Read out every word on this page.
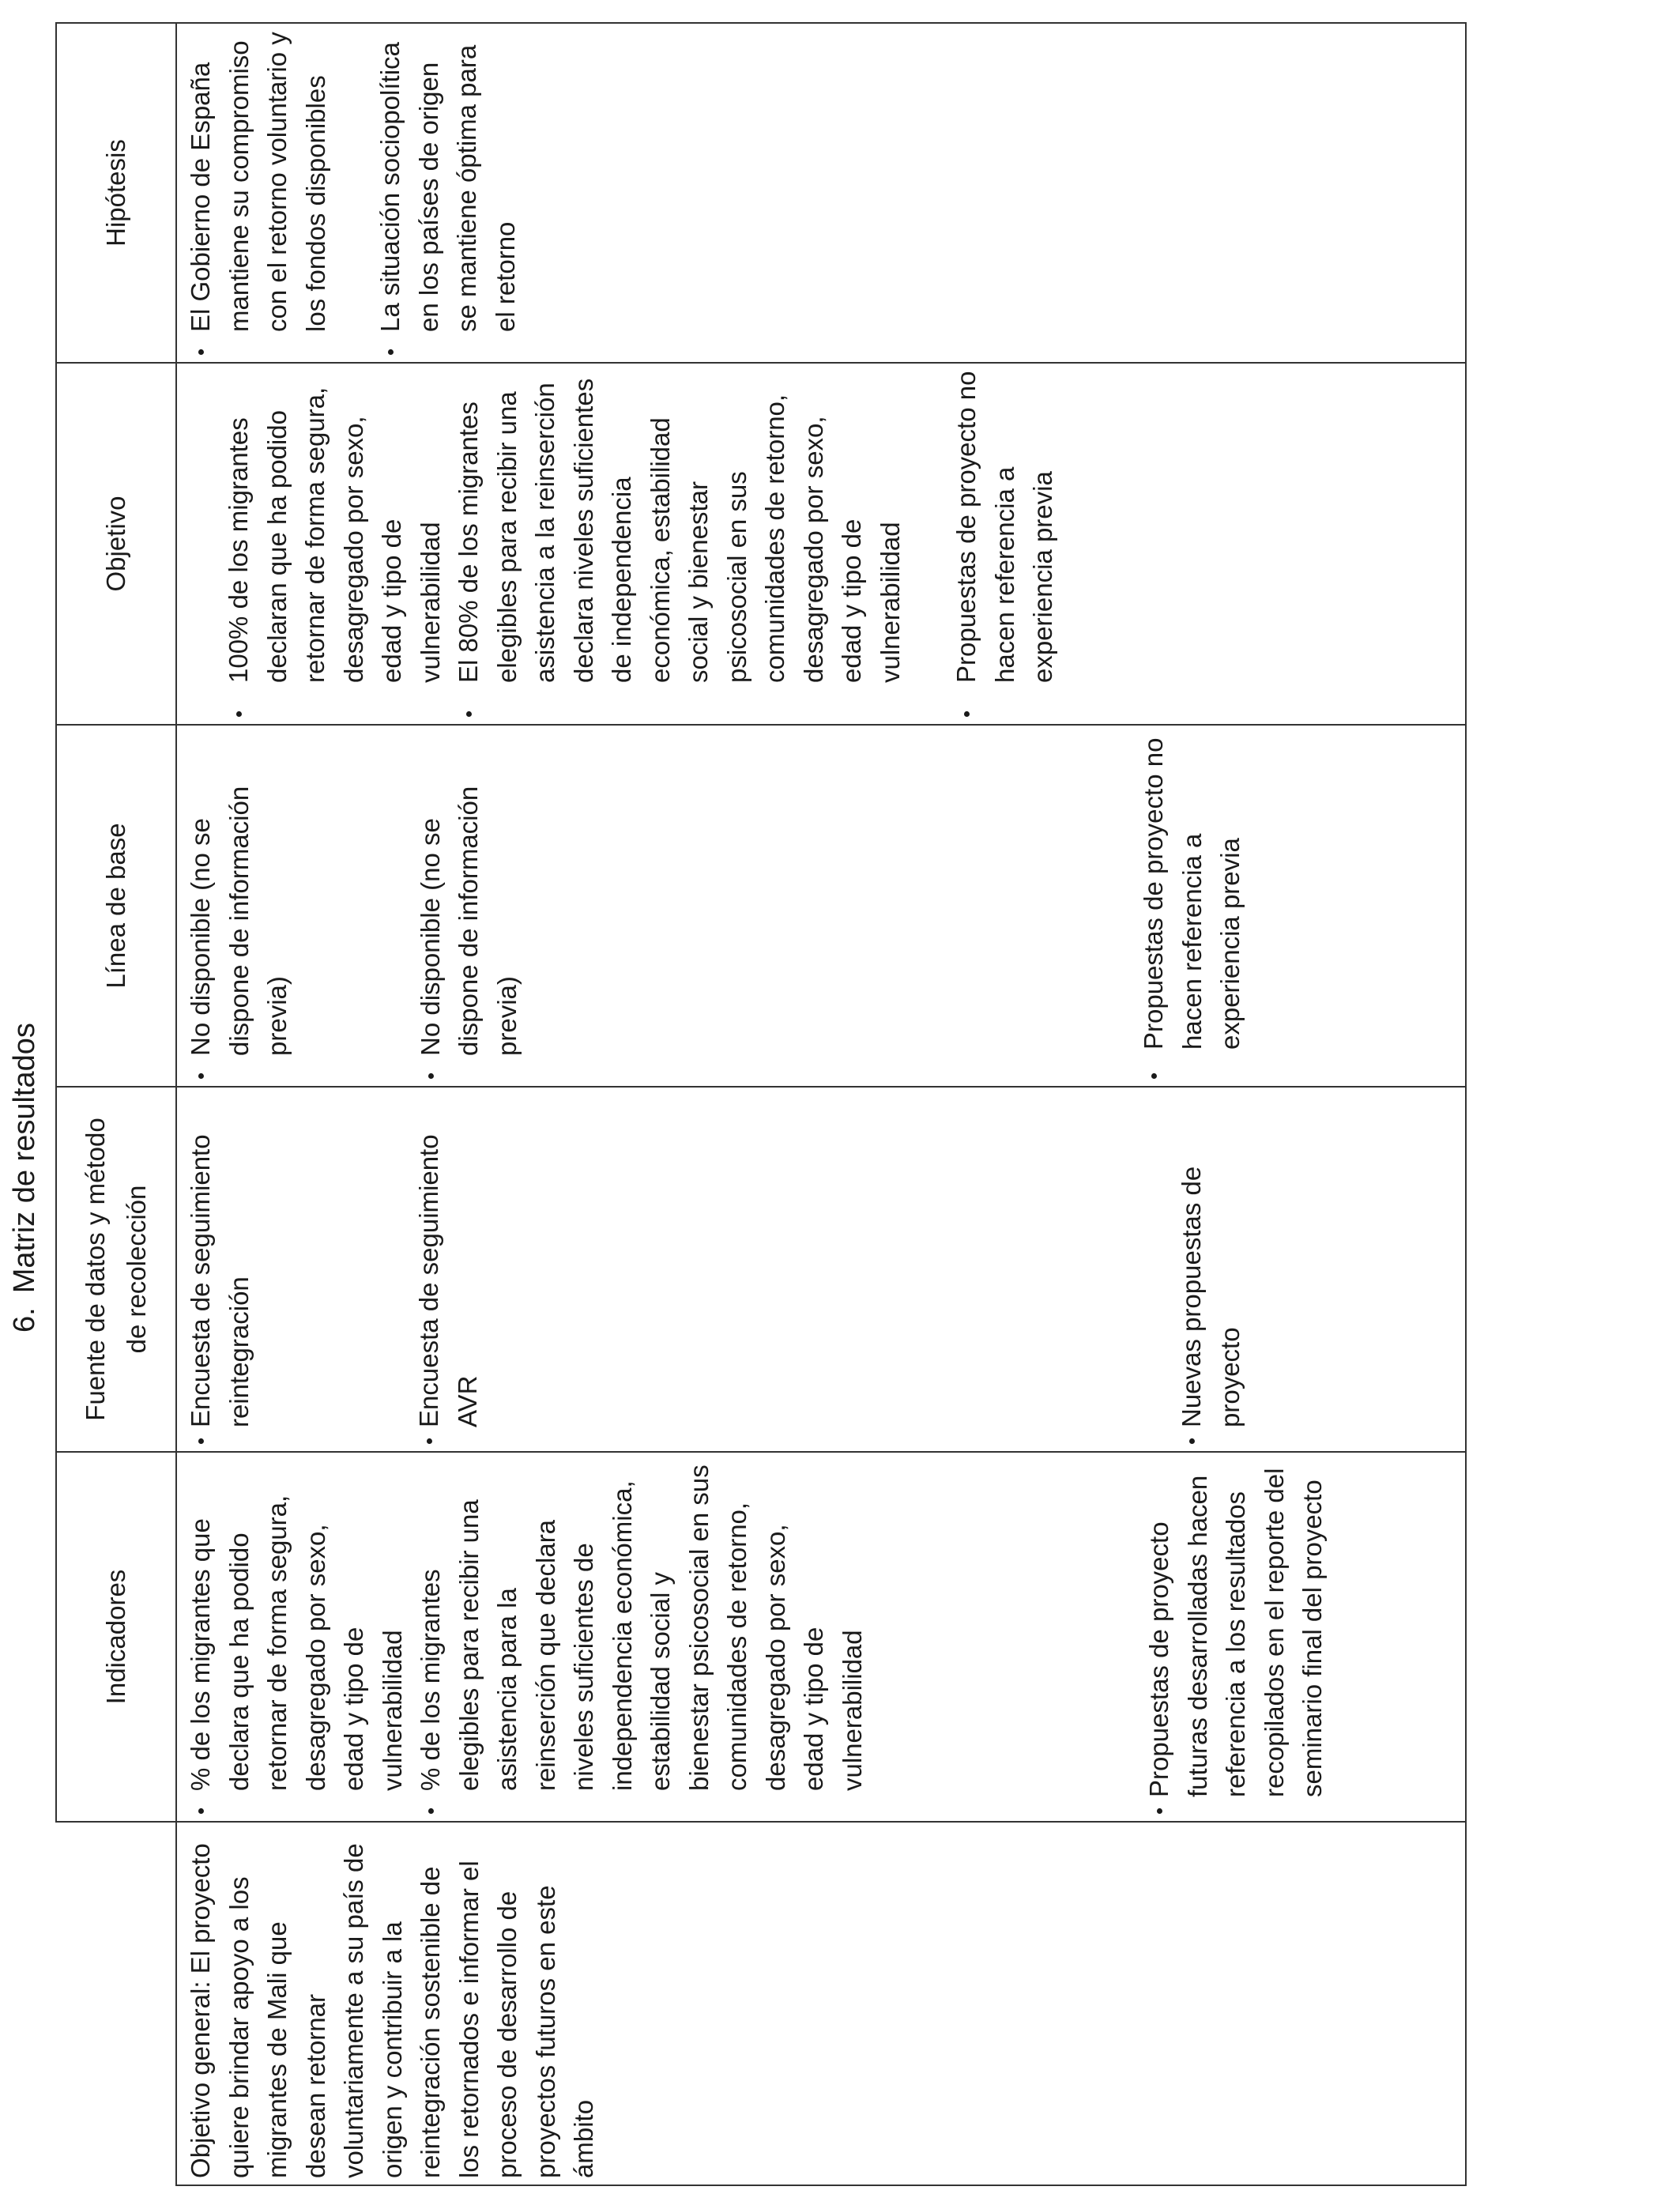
6.Matriz de resultados
Indicadores
Fuente de datos y método de recolección
Línea de base
Objetivo
Hipótesis

Objetivo general: El proyecto quiere brindar apoyo a los migrantes de Mali que desean retornar voluntariamente a su país de origen y contribuir a la reintegración sostenible de los retornados e informar el proceso de desarrollo de proyectos futuros en este ámbito

•
% de los migrantes que declara que ha podido retornar de forma segura, desagregado por sexo, edad y tipo de vulnerabilidad
•
% de los migrantes elegibles para recibir una asistencia para la reinserción que declara niveles suficientes de independencia económica, estabilidad social y bienestar psicosocial en sus comunidades de retorno, desagregado por sexo, edad y tipo de vulnerabilidad
•
Propuestas de proyecto futuras desarrolladas hacen referencia a los resultados recopilados en el reporte del seminario final del proyecto
•
Encuesta de seguimiento reintegración
•
Encuesta de seguimiento AVR
•
Nuevas propuestas de proyecto
•
No disponible (no se dispone de información previa)
•
No disponible (no se dispone de información previa)
•
Propuestas de proyecto no hacen referencia a experiencia previa
•
100% de los migrantes declaran que ha podido retornar de forma segura, desagregado por sexo, edad y tipo de vulnerabilidad
•
El 80% de los migrantes elegibles para recibir una asistencia a la reinserción declara niveles suficientes de independencia económica, estabilidad social y bienestar psicosocial en sus comunidades de retorno, desagregado por sexo, edad y tipo de vulnerabilidad
•
Propuestas de proyecto no hacen referencia a experiencia previa
•
El Gobierno de España mantiene su compromiso con el retorno voluntario y los fondos disponibles
•
La situación sociopolítica en los países de origen se mantiene óptima para el retorno
